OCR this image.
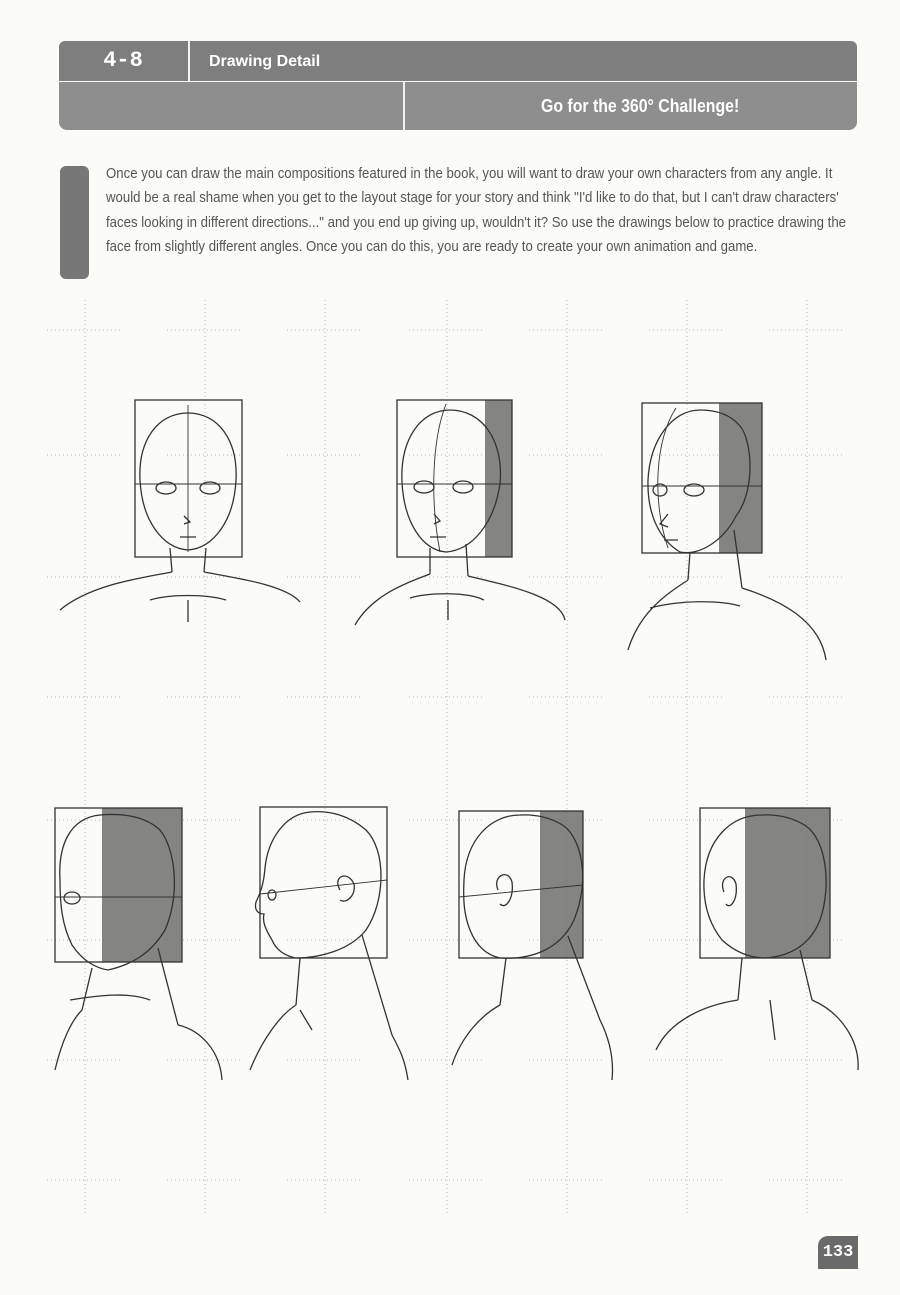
4-8	Drawing Detail
Go for the 360° Challenge!
Once you can draw the main compositions featured in the book, you will want to draw your own characters from any angle. It would be a real shame when you get to the layout stage for your story and think "I'd like to do that, but I can't draw characters' faces looking in different directions..." and you end up giving up, wouldn't it? So use the drawings below to practice drawing the face from slightly different angles. Once you can do this, you are ready to create your own animation and game.
133
